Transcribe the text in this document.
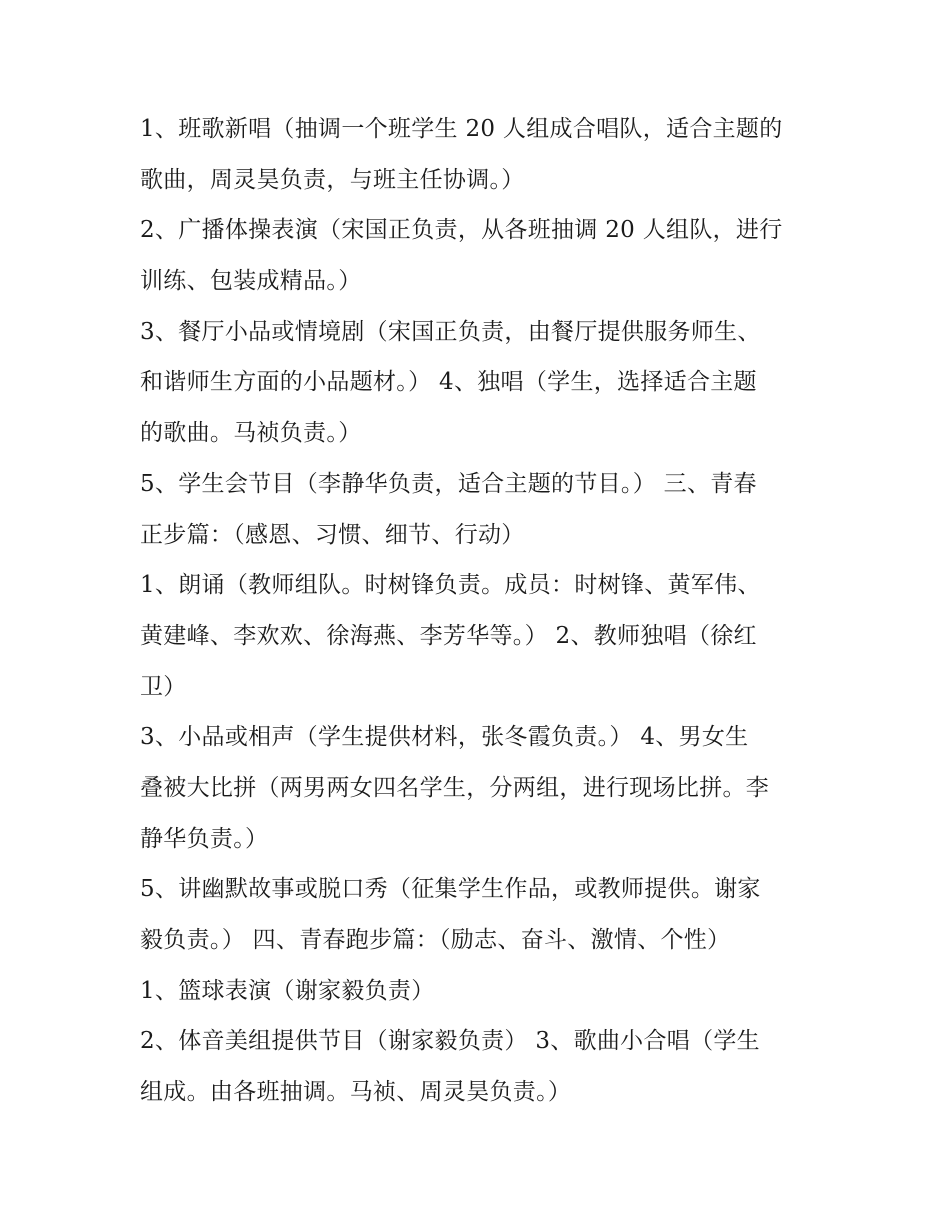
1、班歌新唱（抽调一个班学生 20 人组成合唱队，适合主题的
歌曲，周灵昊负责，与班主任协调。）
2、广播体操表演（宋国正负责，从各班抽调 20 人组队，进行
训练、包装成精品。）
3、餐厅小品或情境剧（宋国正负责，由餐厅提供服务师生、
和谐师生方面的小品题材。） 4、独唱（学生，选择适合主题
的歌曲。马祯负责。）
5、学生会节目（李静华负责，适合主题的节目。） 三、青春
正步篇：（感恩、习惯、细节、行动）
1、朗诵（教师组队。时树锋负责。成员：时树锋、黄军伟、
黄建峰、李欢欢、徐海燕、李芳华等。） 2、教师独唱（徐红
卫）
3、小品或相声（学生提供材料，张冬霞负责。） 4、男女生
叠被大比拼（两男两女四名学生，分两组，进行现场比拼。李
静华负责。）
5、讲幽默故事或脱口秀（征集学生作品，或教师提供。谢家
毅负责。） 四、青春跑步篇：（励志、奋斗、激情、个性）
1、篮球表演（谢家毅负责）
2、体音美组提供节目（谢家毅负责） 3、歌曲小合唱（学生
组成。由各班抽调。马祯、周灵昊负责。）
